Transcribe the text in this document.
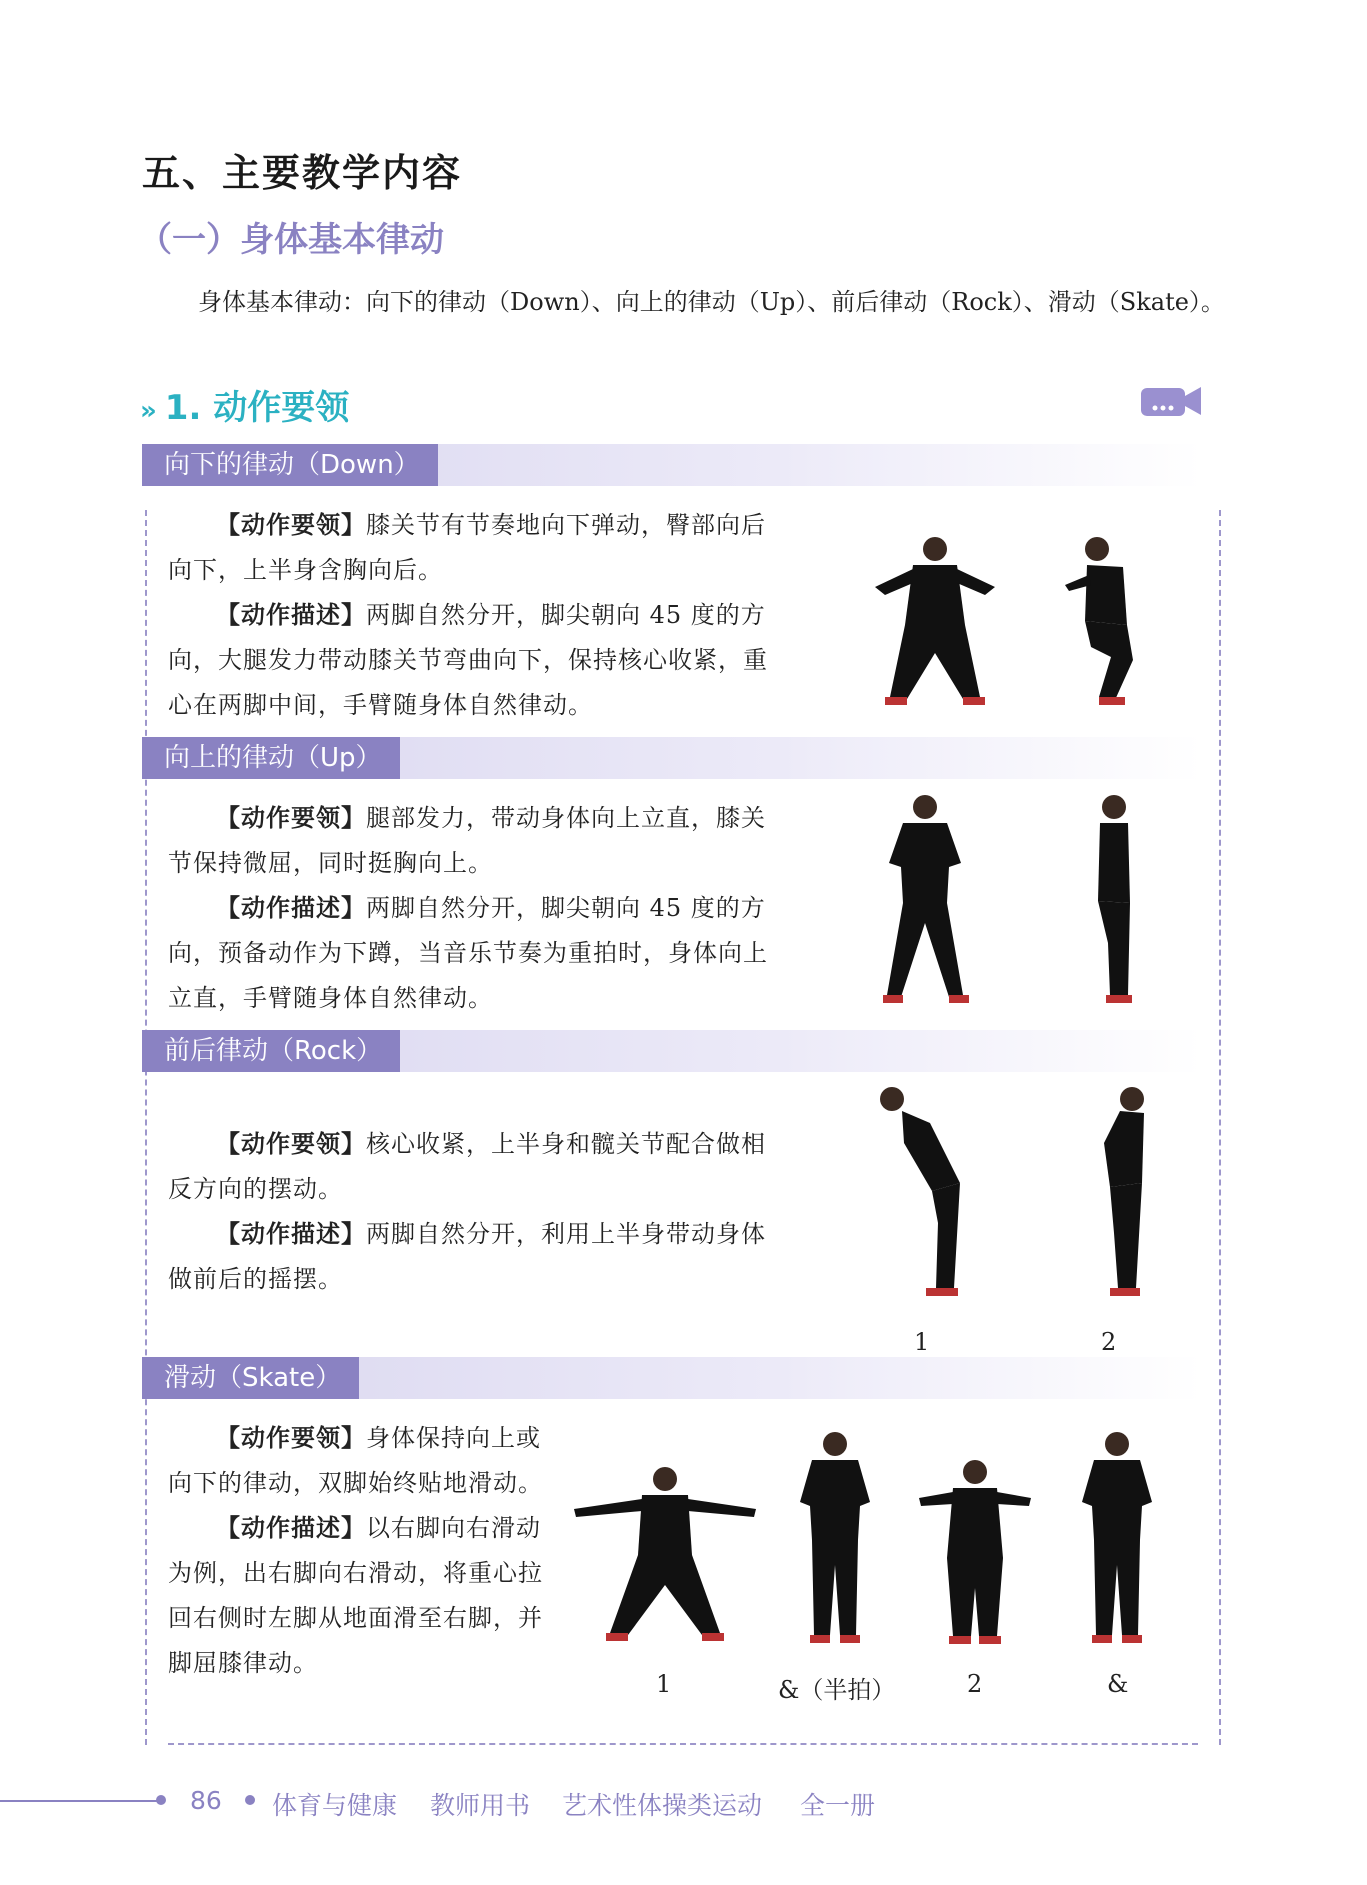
五、主要教学内容
（一）身体基本律动
身体基本律动：向下的律动（Down）、向上的律动（Up）、前后律动（Rock）、滑动（Skate）。
» 1. 动作要领
向下的律动（Down）

【动作要领】膝关节有节奏地向下弹动，臀部向后向下，上半身含胸向后。

【动作描述】两脚自然分开，脚尖朝向 45 度的方向，大腿发力带动膝关节弯曲向下，保持核心收紧，重心在两脚中间，手臂随身体自然律动。

向上的律动（Up）

【动作要领】腿部发力，带动身体向上立直，膝关节保持微屈，同时挺胸向上。

【动作描述】两脚自然分开，脚尖朝向 45 度的方向，预备动作为下蹲，当音乐节奏为重拍时，身体向上立直，手臂随身体自然律动。

前后律动（Rock）

【动作要领】核心收紧，上半身和髋关节配合做相反方向的摆动。

【动作描述】两脚自然分开，利用上半身带动身体做前后的摇摆。

1	2
滑动（Skate）

【动作要领】身体保持向上或向下的律动，双脚始终贴地滑动。

【动作描述】以右脚向右滑动为例，出右脚向右滑动，将重心拉回右侧时左脚从地面滑至右脚，并脚屈膝律动。

1	&（半拍）	2	&
86 体育与健康 教师用书 艺术性体操类运动 全一册
